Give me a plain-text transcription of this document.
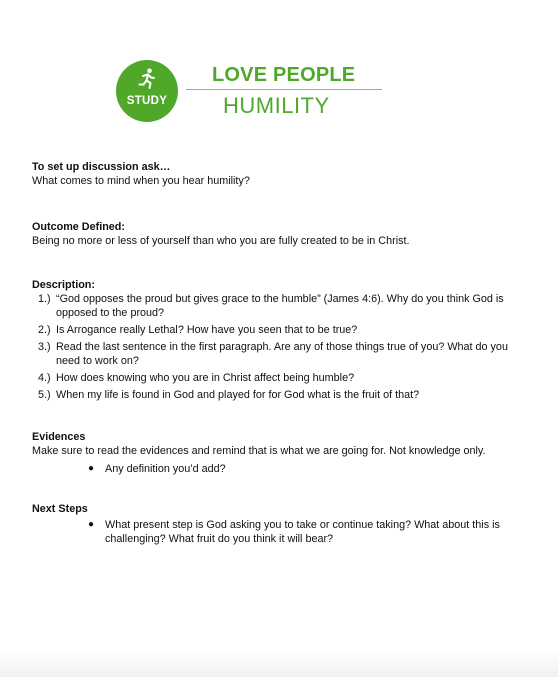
STUDY
LOVE PEOPLE
HUMILITY
To set up discussion ask…
What comes to mind when you hear humility?
Outcome Defined:
Being no more or less of yourself than who you are fully created to be in Christ.
Description:
1.) “God opposes the proud but gives grace to the humble” (James 4:6). Why do you think God is opposed to the proud?
2.) Is Arrogance really Lethal? How have you seen that to be true?
3.) Read the last sentence in the first paragraph. Are any of those things true of you? What do you need to work on?
4.) How does knowing who you are in Christ affect being humble?
5.) When my life is found in God and played for for God what is the fruit of that?
Evidences
Make sure to read the evidences and remind that is what we are going for. Not knowledge only.
● Any definition you’d add?
Next Steps
● What present step is God asking you to take or continue taking? What about this is challenging? What fruit do you think it will bear?
